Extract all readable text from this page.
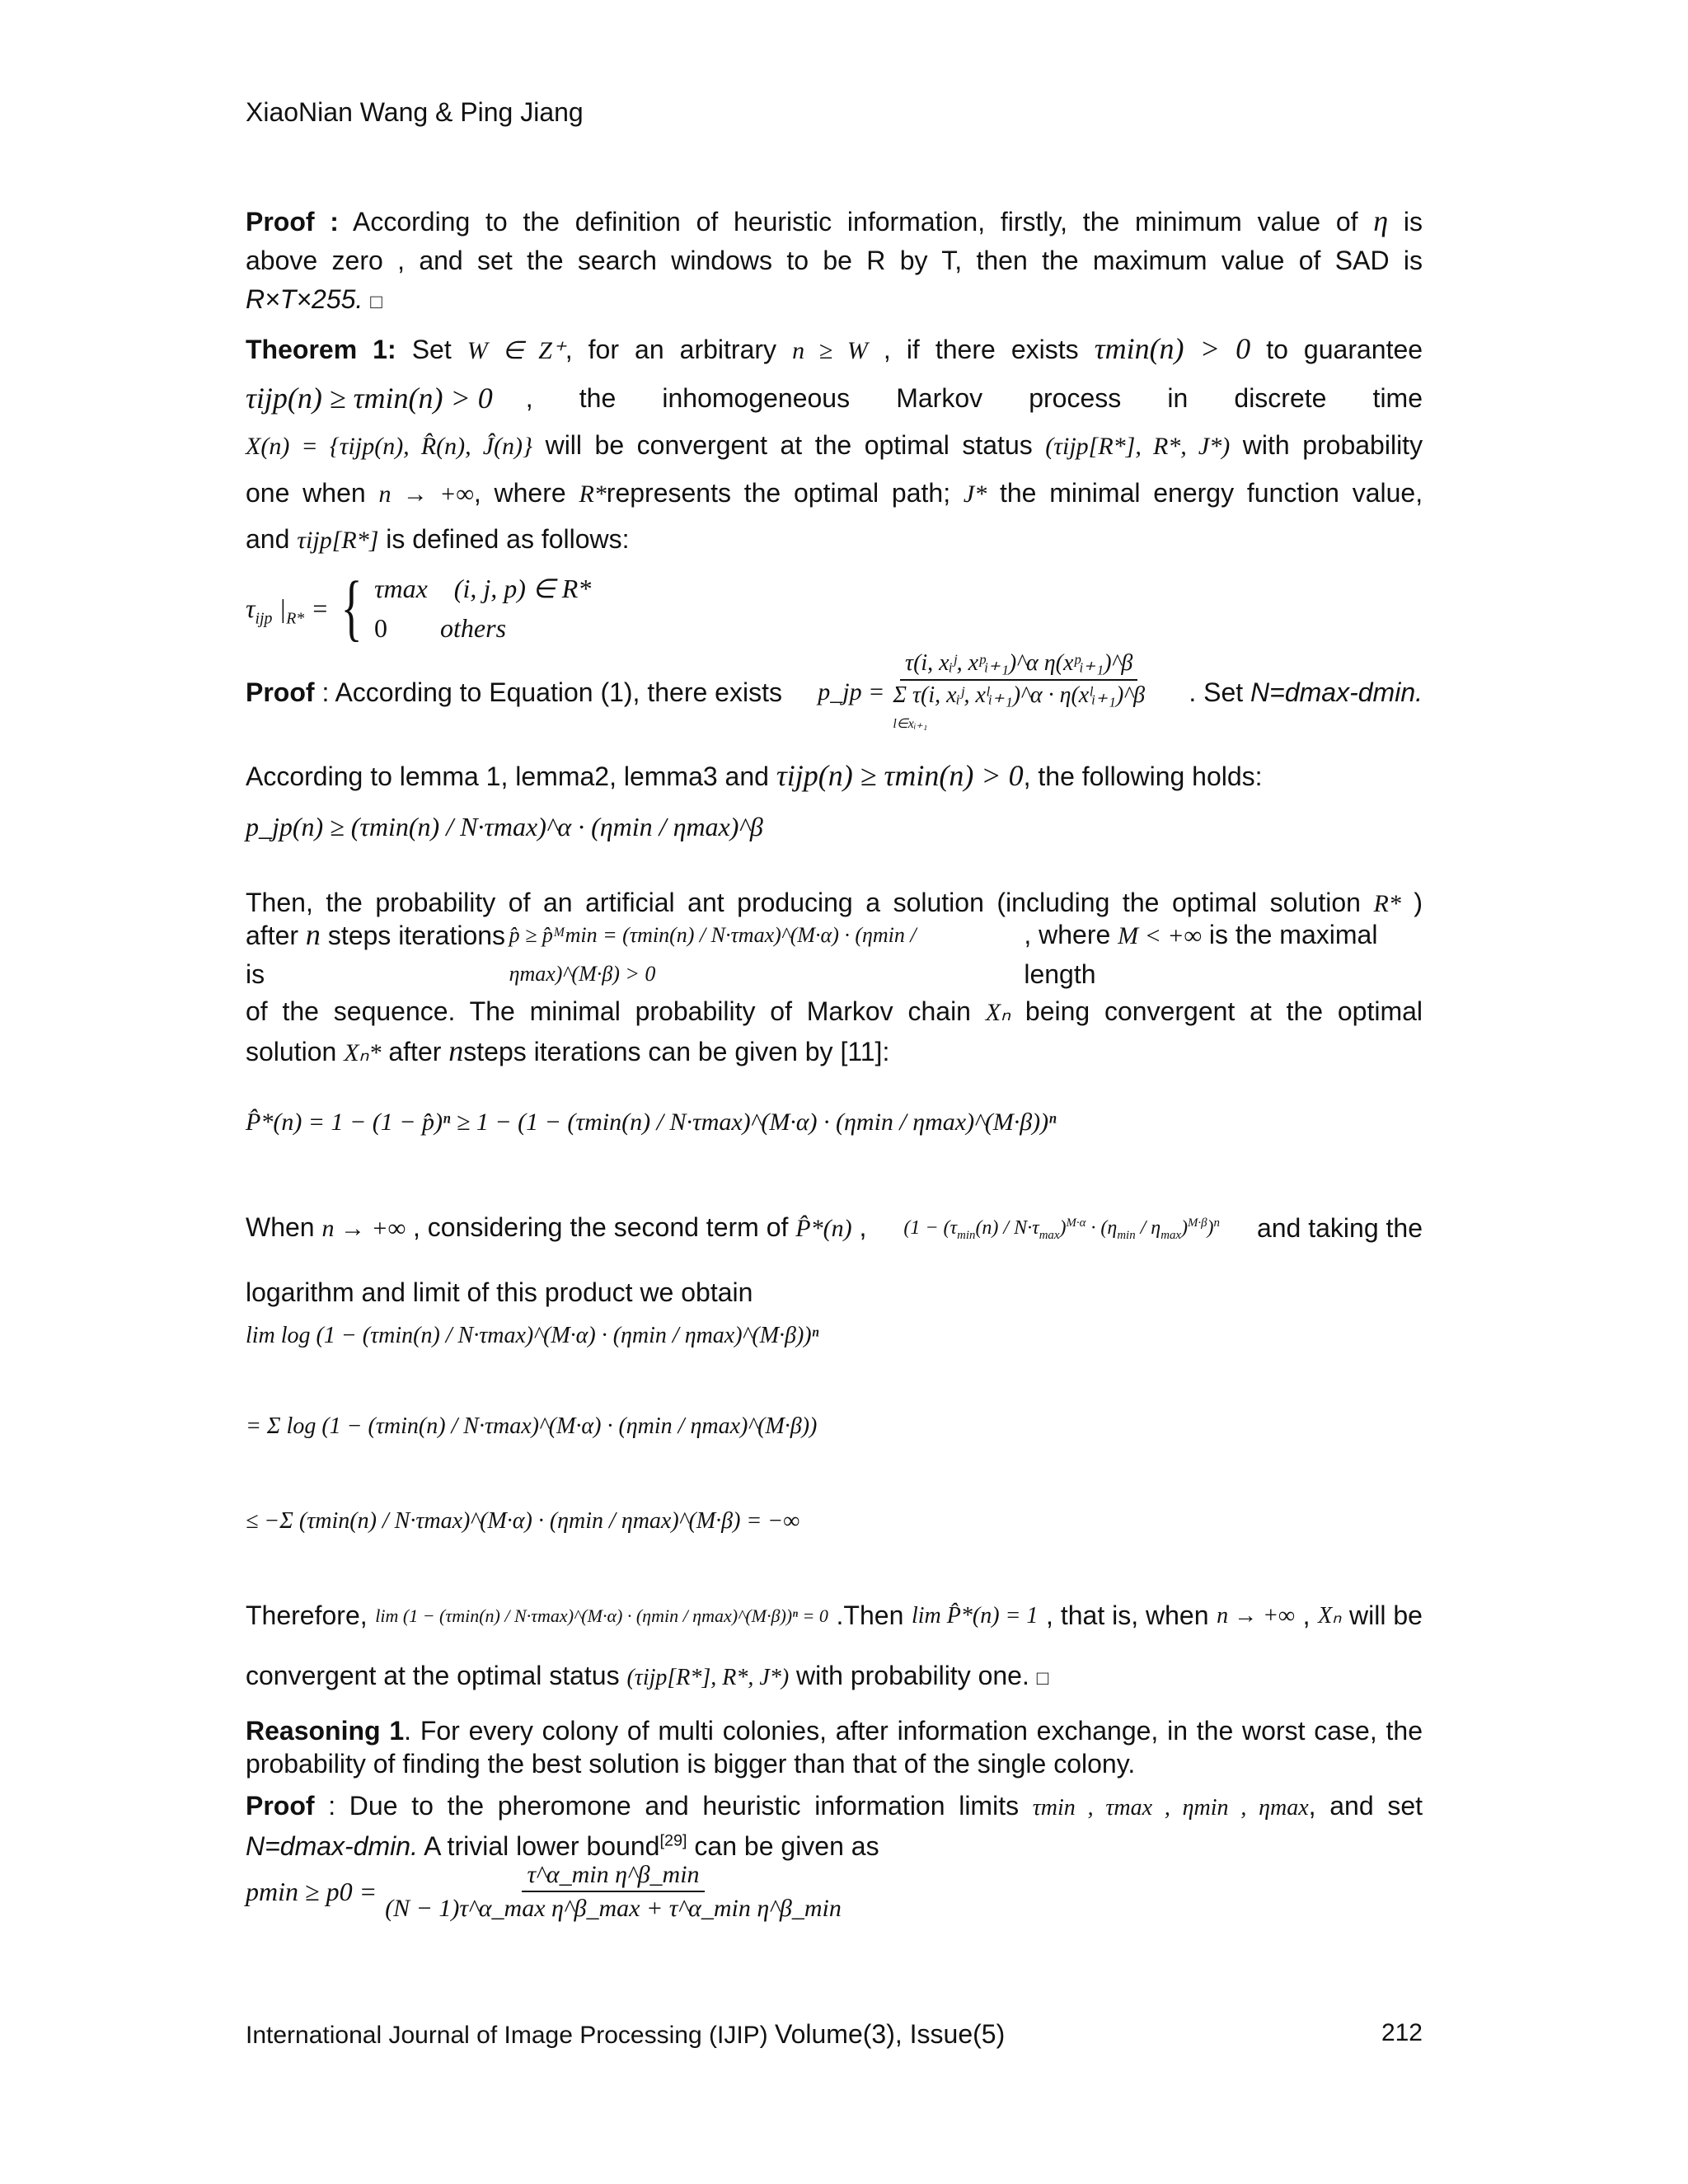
XiaoNian Wang & Ping Jiang
Proof : According to the definition of heuristic information, firstly, the minimum value of η is
above zero , and set the search windows to be R by T, then the maximum value of SAD is
R×T×255. □
Theorem 1: Set W ∈ Z⁺, for an arbitrary n ≥ W , if there exists τmin(n) > 0 to guarantee
τijp(n) ≥ τmin(n) > 0 , the inhomogeneous Markov process in discrete time
X(n) = {τijp(n), R̂(n), Ĵ(n)} will be convergent at the optimal status (τijp[R*], R*, J*) with probability
one when n → +∞, where R*represents the optimal path; J* the minimal energy function value,
and τijp[R*] is defined as follows:
$\tau_{ijp}$ $|_{R*}$ = { τmax (i, j, p) ∈ R*
0 others
Proof : According to Equation (1), there exists p_jp =
τ(i, xᵢʲ, xᵖᵢ₊₁)^α η(xᵖᵢ₊₁)^β
Σ τ(i, xᵢʲ, xˡᵢ₊₁)^α · η(xˡᵢ₊₁)^β
l∈xᵢ₊₁
. Set N=dmax-dmin.
According to lemma 1, lemma2, lemma3 and τijp(n) ≥ τmin(n) > 0, the following holds:
p_jp(n) ≥ (τmin(n) / N·τmax)^α · (ηmin / ηmax)^β
Then, the probability of an artificial ant producing a solution (including the optimal solution R* )
after n steps iterations is
p̂ ≥ p̂ᴹmin = (τmin(n) / N·τmax)^(M·α) · (ηmin / ηmax)^(M·β) > 0
, where M < +∞ is the maximal length
of the sequence. The minimal probability of Markov chain Xₙ being convergent at the optimal
solution Xₙ* after nsteps iterations can be given by [11]:
P̂*(n) = 1 − (1 − p̂)ⁿ ≥ 1 − (1 − (τmin(n) / N·τmax)^(M·α) · (ηmin / ηmax)^(M·β))ⁿ
When n → +∞ , considering the second term of P̂*(n) , $(1 - (\tau_{min}(n) / N\cdot\tau_{max})^{M\cdot\alpha} \cdot (\eta_{min} / \eta_{max})^{M\cdot\beta})^n$ and taking the
logarithm and limit of this product we obtain
lim log (1 − (τmin(n) / N·τmax)^(M·α) · (ηmin / ηmax)^(M·β))ⁿ
= Σ log (1 − (τmin(n) / N·τmax)^(M·α) · (ηmin / ηmax)^(M·β))
≤ −Σ (τmin(n) / N·τmax)^(M·α) · (ηmin / ηmax)^(M·β) = −∞
Therefore, lim (1 − (τmin(n) / N·τmax)^(M·α) · (ηmin / ηmax)^(M·β))ⁿ = 0 .Then lim P̂*(n) = 1 , that is, when n → +∞ , Xₙ will be
convergent at the optimal status (τijp[R*], R*, J*) with probability one. □
Reasoning 1. For every colony of multi colonies, after information exchange, in the worst case, the probability of finding the best solution is bigger than that of the single colony.
Proof : Due to the pheromone and heuristic information limits τmin , τmax , ηmin , ηmax, and set
N=dmax-dmin. A trivial lower bound[29] can be given as
$pmin \ge p0 = \frac{\text{τ\textasciicircum{}α\_min η\textasciicircum{}β\_min}}{\text{(N − 1)τ\textasciicircum{}α\_max η\textasciicircum{}β\_max + τ\textasciicircum{}α\_min η\textasciicircum{}β\_min}}$
International Journal of Image Processing (IJIP) Volume(3), Issue(5)	212
